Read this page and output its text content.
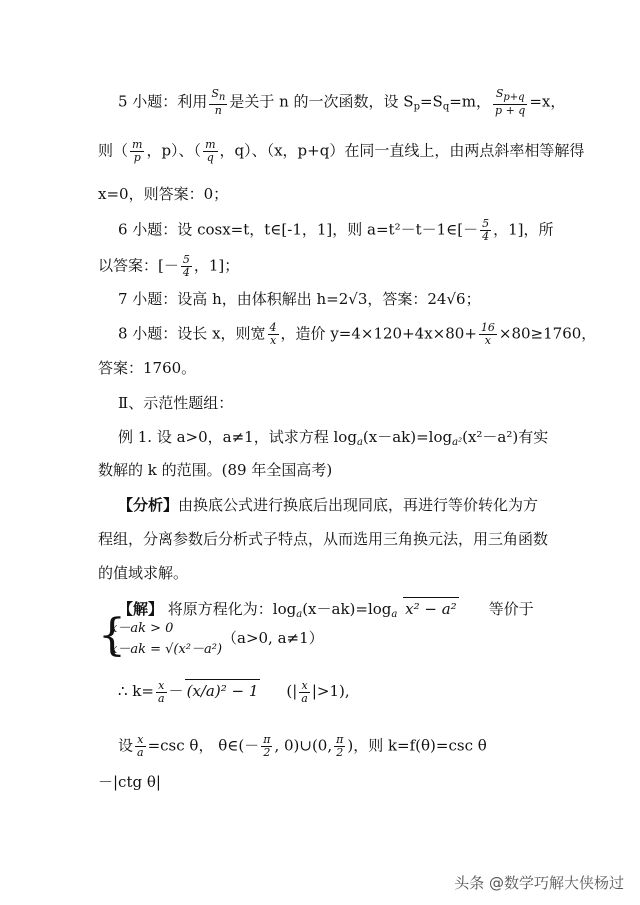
5 小题：利用 $\frac{Sn}{n}$ 是关于 n 的一次函数，设 $S_p=S_q=m$， $\frac{Sp+q}{p + q} =x$，
则（ $\frac{m}{p}$ ，p）、（ $\frac{m}{q}$ ，q）、（x，p+q）在同一直线上，由两点斜率相等解得
x=0，则答案：0；
6 小题：设 cosx=t，t∈[-1，1]，则 a=t²－t－1∈[－ $\frac{5}{4}$ ，1]，所
以答案：[－ $\frac{5}{4}$ ，1]；
7 小题：设高 h，由体积解出 h=2√3，答案：24√6；
8 小题：设长 x，则宽 $\frac{4}{x}$ ，造价 $y=4\times 120+4x\times 80+ \frac{16}{x} \times 80\ge 1760$，
答案：1760。
Ⅱ、示范性题组：
例 1. 设 a>0，a≠1，试求方程 $\log_a(x-ak)=\log_{a^2}(x^2-a^2)$有实
数解的 k 的范围。(89 年全国高考)
【分析】由换底公式进行换底后出现同底，再进行等价转化为方
程组，分离参数后分析式子特点，从而选用三角换元法，用三角函数
的值域求解。
【解】 将原方程化为：$\log_a(x-ak)=\log_a$ x² − a² 等价于
{
x－ak > 0
x－ak = √(x²－a²)
（a>0, a≠1）
∴ $k= \frac{x}{a} - (x/a)^2 - 1$ (| $\frac{x}{a} |>1$),
设 $\frac{x}{a} =\csc$ θ， θ∈(－ $\frac{\pi}{2}$ , 0)∪(0, $\frac{\pi}{2}$ )，则 k=f(θ)=csc θ
－|ctg θ|
头条 @数学巧解大侠杨过
